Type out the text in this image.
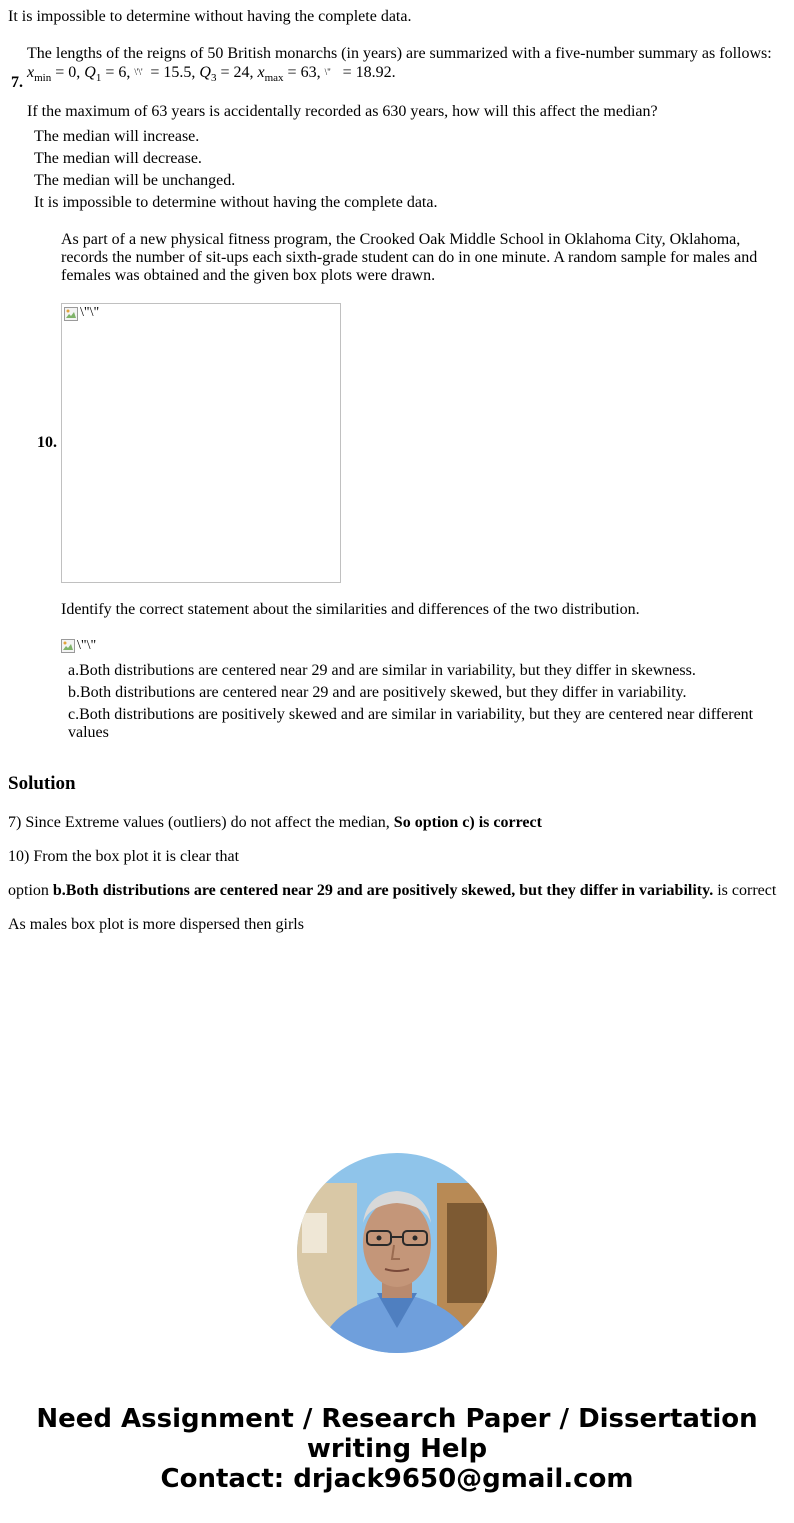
It is impossible to determine without having the complete data.
7.
The lengths of the reigns of 50 British monarchs (in years) are summarized with a five-number summary as follows:
$x_{min} = 0$, $Q_1 = 6$, \'\' = 15.5, $Q_3 = 24$, $x_{max} = 63$, \" = 18.92.
If the maximum of 63 years is accidentally recorded as 630 years, how will this affect the median?
The median will increase.
The median will decrease.
The median will be unchanged.
It is impossible to determine without having the complete data.
As part of a new physical fitness program, the Crooked Oak Middle School in Oklahoma City, Oklahoma, records the number of sit-ups each sixth-grade student can do in one minute. A random sample for males and females was obtained and the given box plots were drawn.
10.
\"\"
Identify the correct statement about the similarities and differences of the two distribution.
\"\"
a.Both distributions are centered near 29 and are similar in variability, but they differ in skewness.
b.Both distributions are centered near 29 and are positively skewed, but they differ in variability.
c.Both distributions are positively skewed and are similar in variability, but they are centered near different values
Solution
7) Since Extreme values (outliers) do not affect the median, So option c) is correct
10) From the box plot it is clear that
option b.Both distributions are centered near 29 and are positively skewed, but they differ in variability. is correct
As males box plot is more dispersed then girls
Need Assignment / Research Paper / Dissertation
writing Help
Contact: drjack9650@gmail.com
